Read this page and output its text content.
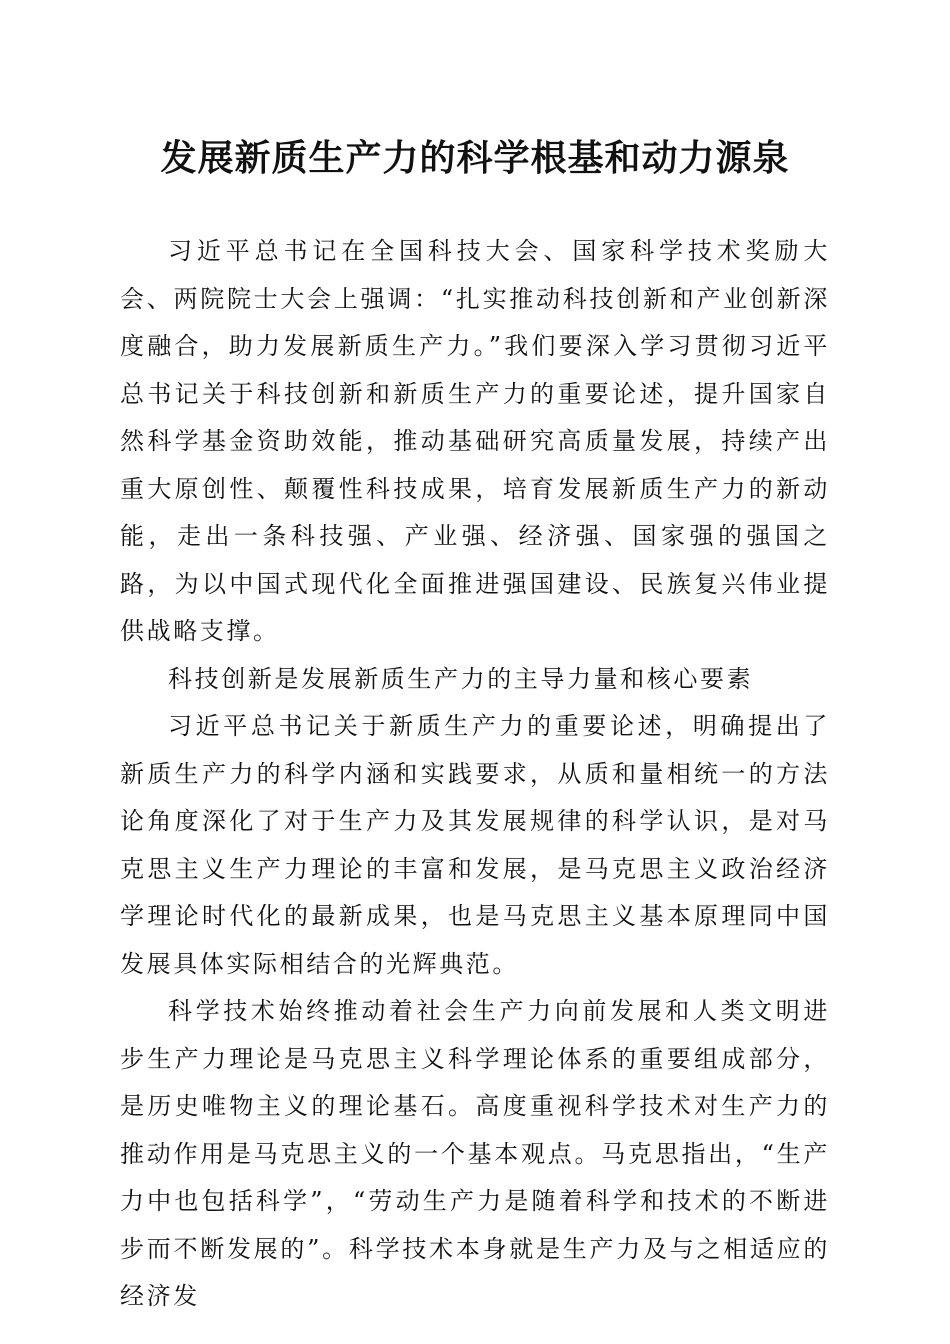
发展新质生产力的科学根基和动力源泉

习近平总书记在全国科技大会、国家科学技术奖励大会、两院院士大会上强调：“扎实推动科技创新和产业创新深度融合，助力发展新质生产力。”我们要深入学习贯彻习近平总书记关于科技创新和新质生产力的重要论述，提升国家自然科学基金资助效能，推动基础研究高质量发展，持续产出重大原创性、颠覆性科技成果，培育发展新质生产力的新动能，走出一条科技强、产业强、经济强、国家强的强国之路，为以中国式现代化全面推进强国建设、民族复兴伟业提供战略支撑。

科技创新是发展新质生产力的主导力量和核心要素

习近平总书记关于新质生产力的重要论述，明确提出了新质生产力的科学内涵和实践要求，从质和量相统一的方法论角度深化了对于生产力及其发展规律的科学认识，是对马克思主义生产力理论的丰富和发展，是马克思主义政治经济学理论时代化的最新成果，也是马克思主义基本原理同中国发展具体实际相结合的光辉典范。

科学技术始终推动着社会生产力向前发展和人类文明进步生产力理论是马克思主义科学理论体系的重要组成部分，是历史唯物主义的理论基石。高度重视科学技术对生产力的推动作用是马克思主义的一个基本观点。马克思指出，“生产力中也包括科学”，“劳动生产力是随着科学和技术的不断进步而不断发展的”。科学技术本身就是生产力及与之相适应的经济发
